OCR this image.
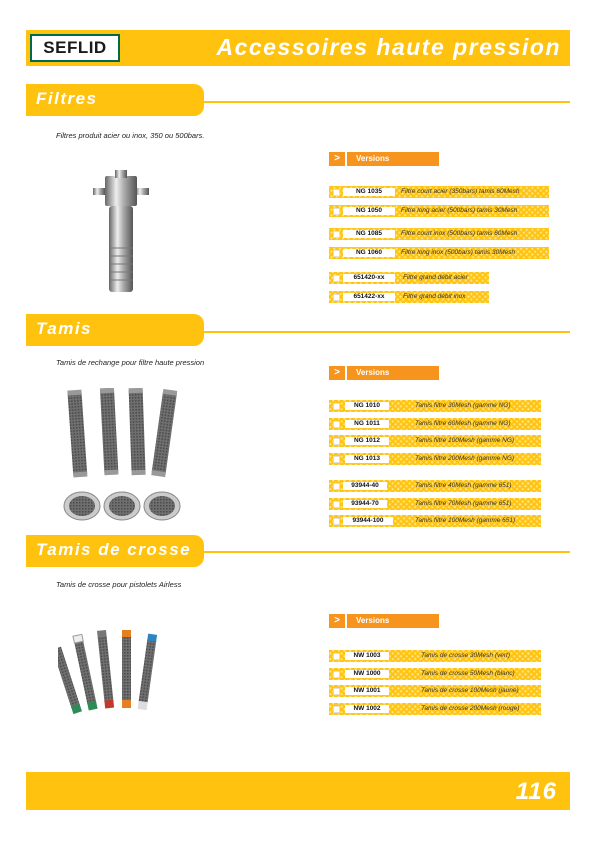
SEFLID	Accessoires haute pression
Filtres
Filtres produit acier ou inox, 350 ou 500bars.
>	Versions
NG 1035	Filtre court acier (350bars) tamis 60Mesh
NG 1050	Filtre long acier (500bars) tamis 30Mesh
NG 1085	Filtre court inox (500bars) tamis 60Mesh
NG 1060	Filtre long inox (500bars) tamis 30Mesh
651420-xx	Filtre grand débit acier
651422-xx	Filtre grand débit inox
Tamis
Tamis de rechange pour filtre haute pression
>	Versions
NG 1010	Tamis filtre 30Mesh (gamme NG)
NG 1011	Tamis filtre 60Mesh (gamme NG)
NG 1012	Tamis filtre 100Mesh (gamme NG)
NG 1013	Tamis filtre 200Mesh (gamme NG)
93944-40	Tamis filtre 40Mesh (gamme 651)
93944-70	Tamis filtre 70Mesh (gamme 651)
93944-100	Tamis filtre 100Mesh (gamme 651)
Tamis de crosse
Tamis de crosse pour pistolets Airless
>	Versions
NW 1003	Tamis de crosse 30Mesh (vert)
NW 1000	Tamis de crosse 50Mesh (blanc)
NW 1001	Tamis de crosse 100Mesh (jaune)
NW 1002	Tamis de crosse 200Mesh (rouge)
116
